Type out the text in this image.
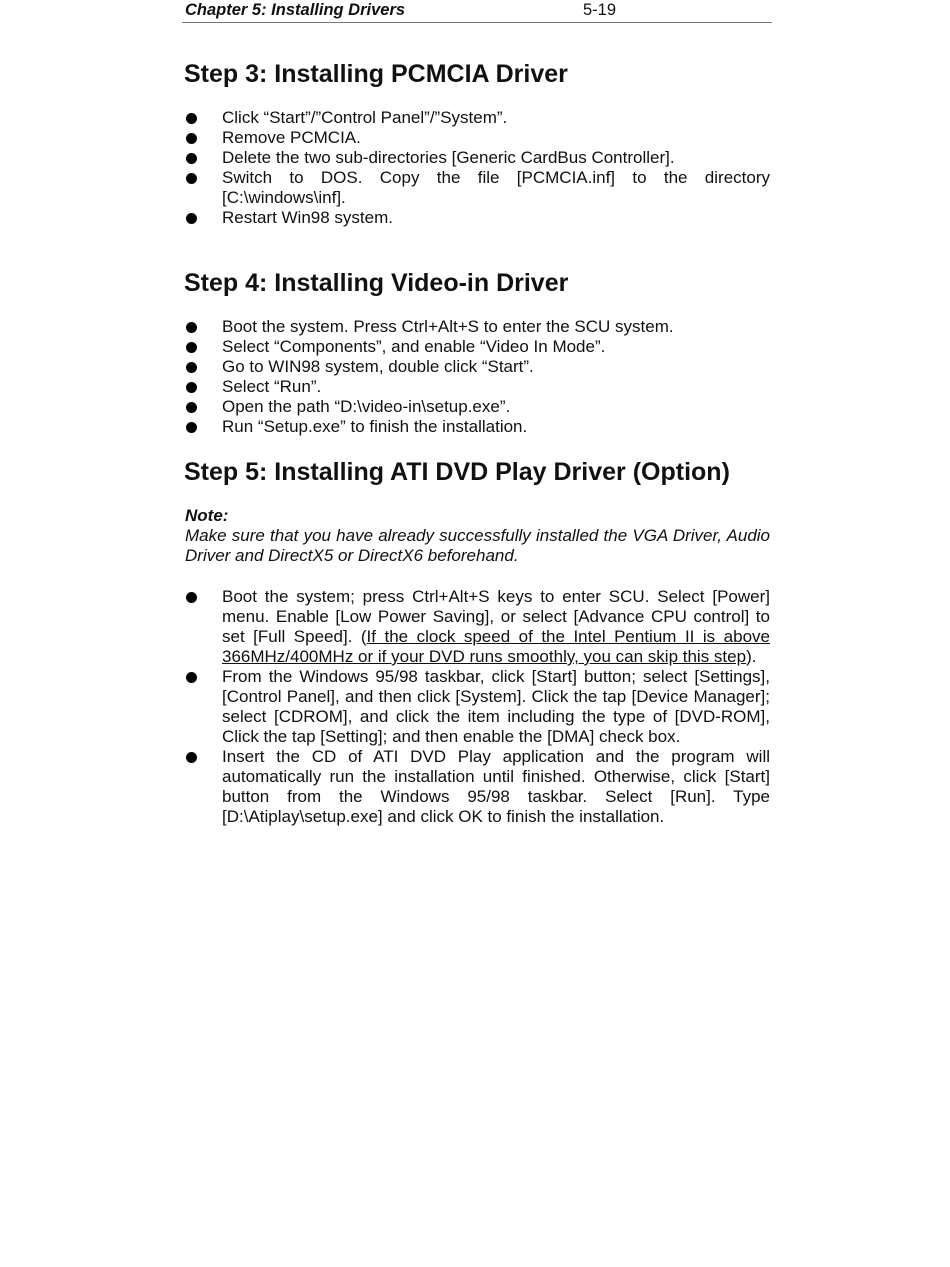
Chapter 5: Installing Drivers	5-19
Step 3: Installing PCMCIA Driver
Click “Start”/”Control Panel”/”System”.
Remove PCMCIA.
Delete the two sub-directories [Generic CardBus Controller].
Switch to DOS. Copy the file [PCMCIA.inf] to the directory [C:\windows\inf].
Restart Win98 system.
Step 4: Installing Video-in Driver
Boot the system. Press Ctrl+Alt+S to enter the SCU system.
Select “Components”, and enable “Video In Mode”.
Go to WIN98 system, double click “Start”.
Select “Run”.
Open the path “D:\video-in\setup.exe”.
Run “Setup.exe” to finish the installation.
Step 5: Installing ATI DVD Play Driver (Option)
Note:
Make sure that you have already successfully installed the VGA Driver, Audio Driver and DirectX5 or DirectX6 beforehand.
Boot the system; press Ctrl+Alt+S keys to enter SCU. Select [Power] menu. Enable [Low Power Saving], or select [Advance CPU control] to set [Full Speed]. (If the clock speed of the Intel Pentium II is above 366MHz/400MHz or if your DVD runs smoothly, you can skip this step).
From the Windows 95/98 taskbar, click [Start] button; select [Settings], [Control Panel], and then click [System]. Click the tap [Device Manager]; select [CDROM], and click the item including the type of [DVD-ROM], Click the tap [Setting]; and then enable the [DMA] check box.
Insert the CD of ATI DVD Play application and the program will automatically run the installation until finished. Otherwise, click [Start] button from the Windows 95/98 taskbar. Select [Run]. Type [D:\Atiplay\setup.exe] and click OK to finish the installation.
